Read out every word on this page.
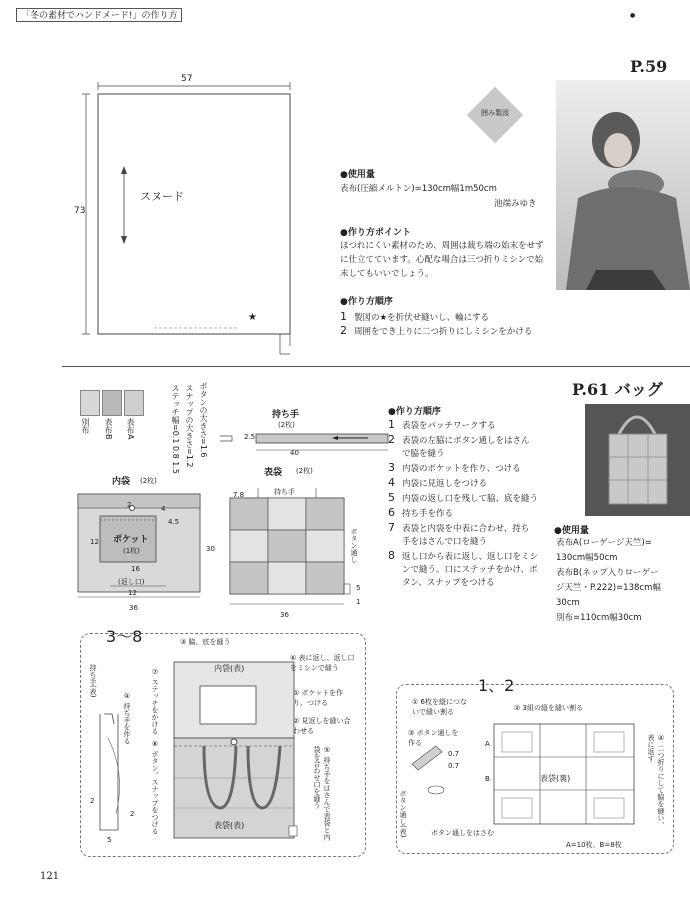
「冬の素材でハンドメード!」の作り方	●
P.59
57
73
スヌード
★
囲み製図
●使用量
表布(圧縮メルトン)=130cm幅1m50cm
池端みゆき
●作り方ポイント
ほつれにくい素材のため、周囲は裁ち端の始末をせず
に仕立てています。心配な場合は三つ折りミシンで始
末してもいいでしょう。
●作り方順序
1 製図の★を折伏せ縫いし、輪にする
2 周囲をでき上りに二つ折りにしミシンをかける
P.61 バッグ
別布 表布B 表布A	ボタンの大きさ=1.6
スナップの大きさ=1.2
ステッチ幅=0.1 0.8 1.5	持ち手
(2枚)
2.5
40
内袋 (2枚)
ポケット
(1枚)
(返し口)
12
36
16
12
2	4
4.5
表袋 (2枚)
持ち手
ボタン通し
36
30
7.8
1
5
●作り方順序
1 表袋をパッチワークする
2 表袋の左脇にボタン通しをはさん
で脇を縫う
3 内袋のポケットを作り、つける
4 内袋に見返しをつける
5 内袋の返し口を残して脇、底を縫う
6 持ち手を作る
7 表袋と内袋を中表に合わせ、持ち
手をはさんで口を縫う
8 返し口から表に返し、返し口をミシ
ンで縫う。口にステッチをかけ、ボ
タン、スナップをつける
●使用量
表布A(ローゲージ天竺)=
130cm幅50cm
表布B(ネップ入りローゲー
ジ天竺・P.222)=138cm幅
30cm
別布=110cm幅30cm
3〜8	③ 脇、底を縫う
⑥ 表に返し、返し口をミシンで縫う
① ポケットを作り、つける
② 見返しを縫い合わせる
⑤ 持ち手をはさんで表袋と内袋を合わせ口を縫う
⑦ ステッチをかける
⑧ ボタン、スナップをつける
④ 持ち手を作る
持ち手(表)	内袋(表)
表袋(表)
2
2
5
1、2
① 6枚を縦につないで縫い割る	② 3組の縦を縫い割る
③ ボタン通しを作る	④ 二つ折りにして脇を縫い、表に返す
表袋(裏)
ボタン通し(表)	ボタン通しをはさむ
A=10枚、B=8枚
0.7
0.7
A
B
121
